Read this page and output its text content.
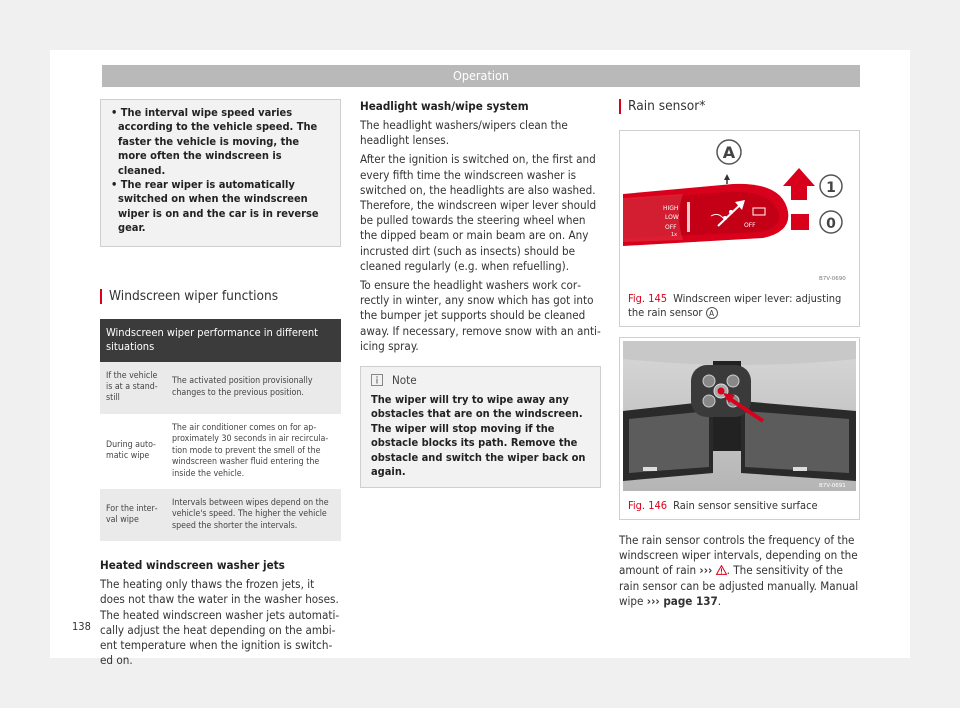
Operation
• The interval wipe speed varies according to the vehicle speed. The faster the vehicle is moving, the more often the windscreen is cleaned.
• The rear wiper is automatically switched on when the windscreen wiper is on and the car is in reverse gear.
Windscreen wiper functions
Windscreen wiper performance in different situations	
If the vehicle is at a standstill	The activated position provisionally changes to the previous position.
During automatic wipe	The air conditioner comes on for approximately 30 seconds in air recirculation mode to prevent the smell of the windscreen washer fluid entering the inside the vehicle.
For the interval wipe	Intervals between wipes depend on the vehicle's speed. The higher the vehicle speed the shorter the intervals.
Heated windscreen washer jets

The heating only thaws the frozen jets, it does not thaw the water in the washer hoses. The heated windscreen washer jets automatically adjust the heat depending on the ambient temperature when the ignition is switched on.

Headlight wash/wipe system

The headlight washers/wipers clean the headlight lenses.

After the ignition is switched on, the first and every fifth time the windscreen washer is switched on, the headlights are also washed. Therefore, the windscreen wiper lever should be pulled towards the steering wheel when the dipped beam or main beam are on. Any incrusted dirt (such as insects) should be cleaned regularly (e.g. when refuelling).

To ensure the headlight washers work correctly in winter, any snow which has got into the bumper jet supports should be cleaned away. If necessary, remove snow with an anti-icing spray.

Note
The wiper will try to wipe away any obstacles that are on the windscreen. The wiper will stop moving if the obstacle blocks its path. Remove the obstacle and switch the wiper back on again.
Rain sensor*
HIGH
LOW
OFF
1x
OFF
A
1
0
B7V-0690
Fig. 145 Windscreen wiper lever: adjusting the rain sensor A
B7V-0691
Fig. 146 Rain sensor sensitive surface

The rain sensor controls the frequency of the windscreen wiper intervals, depending on the amount of rain ››› . The sensitivity of the rain sensor can be adjusted manually. Manual wipe ››› page 137.

138
